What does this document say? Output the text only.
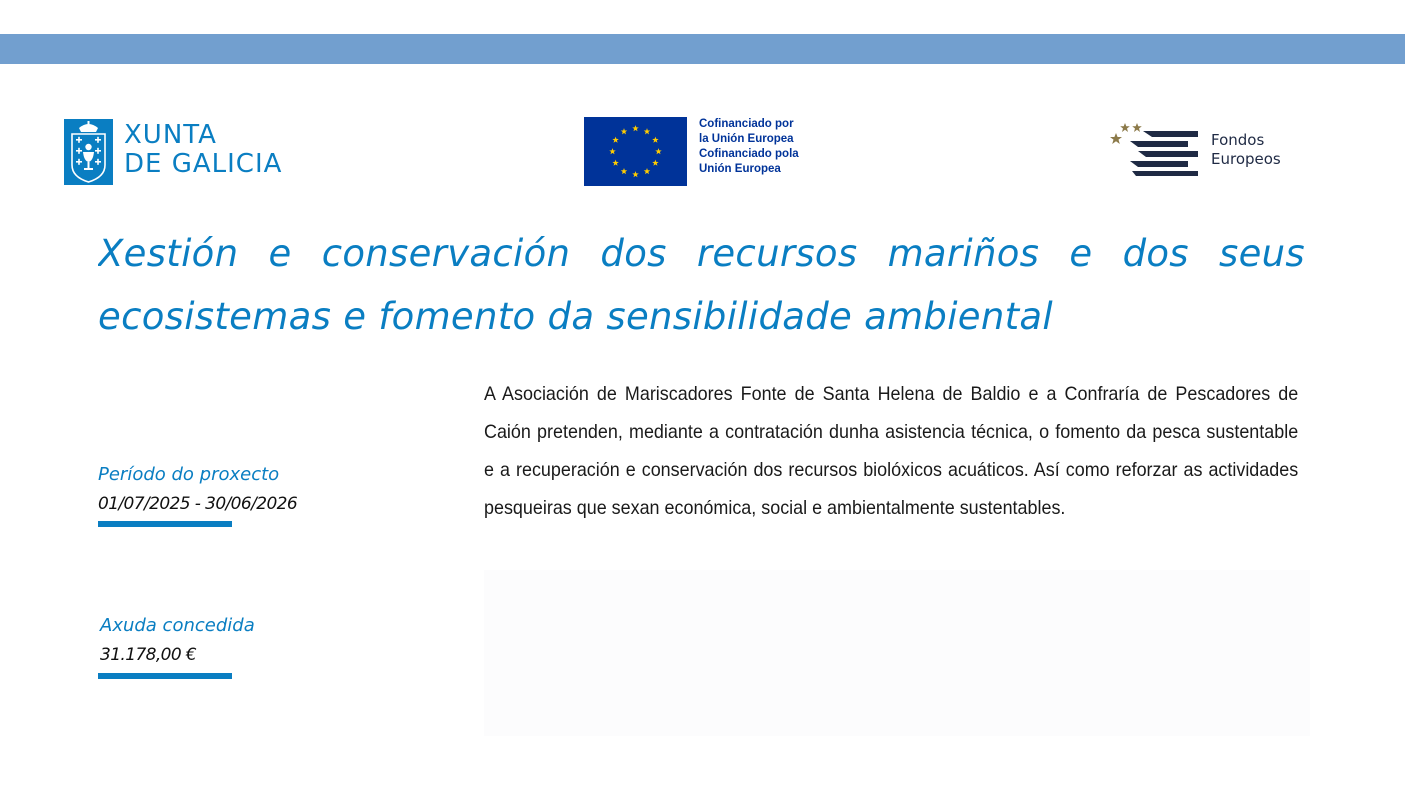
XUNTA
DE GALICIA
Cofinanciado por
la Unión Europea
Cofinanciado pola
Unión Europea
Fondos
Europeos
Xestión e conservación dos recursos mariños e dos seus ecosistemas e fomento da sensibilidade ambiental

A Asociación de Mariscadores Fonte de Santa Helena de Baldio e a Confraría de Pescadores de Caión pretenden, mediante a contratación dunha asistencia técnica, o fomento da pesca sustentable e a recuperación e conservación dos recursos biolóxicos acuáticos. Así como reforzar as actividades pesqueiras que sexan económica, social e ambientalmente sustentables.

Período do proxecto
01/07/2025 - 30/06/2026
Axuda concedida
31.178,00 €
